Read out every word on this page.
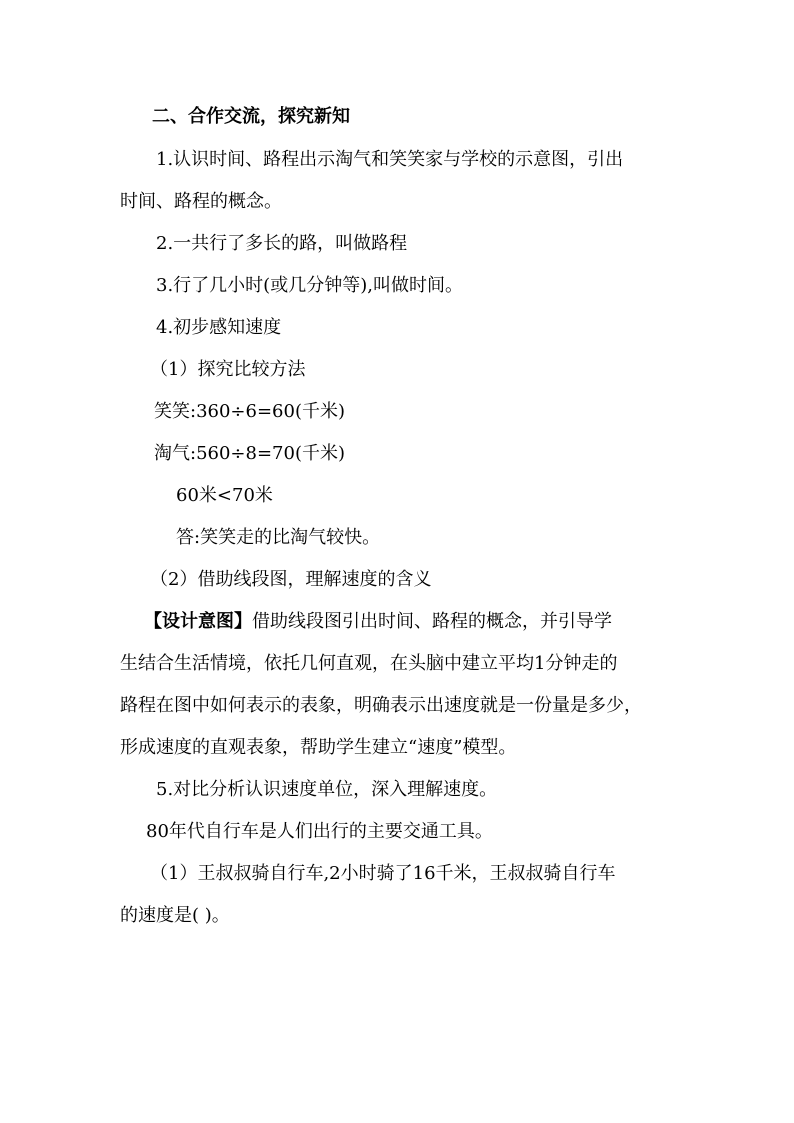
二、合作交流，探究新知
1.认识时间、路程出示淘气和笑笑家与学校的示意图，引出
时间、路程的概念。
2.一共行了多长的路，叫做路程
3.行了几小时(或几分钟等),叫做时间。
4.初步感知速度
（1）探究比较方法
笑笑:360÷6=60(千米)
淘气:560÷8=70(千米)
60米<70米
答:笑笑走的比淘气较快。
（2）借助线段图，理解速度的含义
【设计意图】借助线段图引出时间、路程的概念，并引导学
生结合生活情境，依托几何直观，在头脑中建立平均1分钟走的
路程在图中如何表示的表象，明确表示出速度就是一份量是多少，
形成速度的直观表象，帮助学生建立“速度”模型。
5.对比分析认识速度单位，深入理解速度。
80年代自行车是人们出行的主要交通工具。
（1）王叔叔骑自行车,2小时骑了16千米，王叔叔骑自行车
的速度是( )。
